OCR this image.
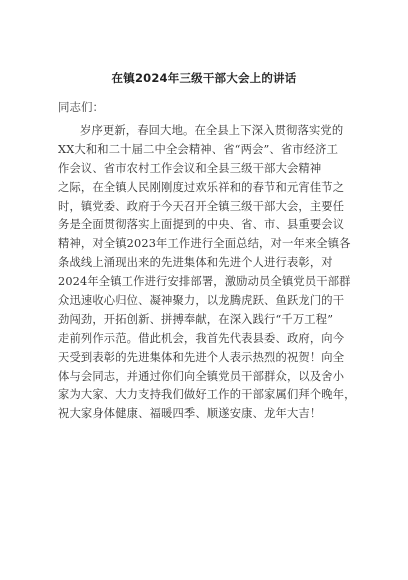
在镇2024年三级干部大会上的讲话
同志们：
岁序更新，春回大地。在全县上下深入贯彻落实党的
XX大和和二十届二中全会精神、省“两会”、省市经济工
作会议、省市农村工作会议和全县三级干部大会精神
之际，在全镇人民刚刚度过欢乐祥和的春节和元宵佳节之
时，镇党委、政府于今天召开全镇三级干部大会，主要任
务是全面贯彻落实上面提到的中央、省、市、县重要会议
精神，对全镇2023年工作进行全面总结，对一年来全镇各
条战线上涌现出来的先进集体和先进个人进行表彰，对
2024年全镇工作进行安排部署，激励动员全镇党员干部群
众迅速收心归位、凝神聚力，以龙腾虎跃、鱼跃龙门的干
劲闯劲，开拓创新、拼搏奉献，在深入践行“千万工程”
走前列作示范。借此机会，我首先代表县委、政府，向今
天受到表彰的先进集体和先进个人表示热烈的祝贺！向全
体与会同志，并通过你们向全镇党员干部群众，以及舍小
家为大家、大力支持我们做好工作的干部家属们拜个晚年，
祝大家身体健康、福暖四季、顺遂安康、龙年大吉！
